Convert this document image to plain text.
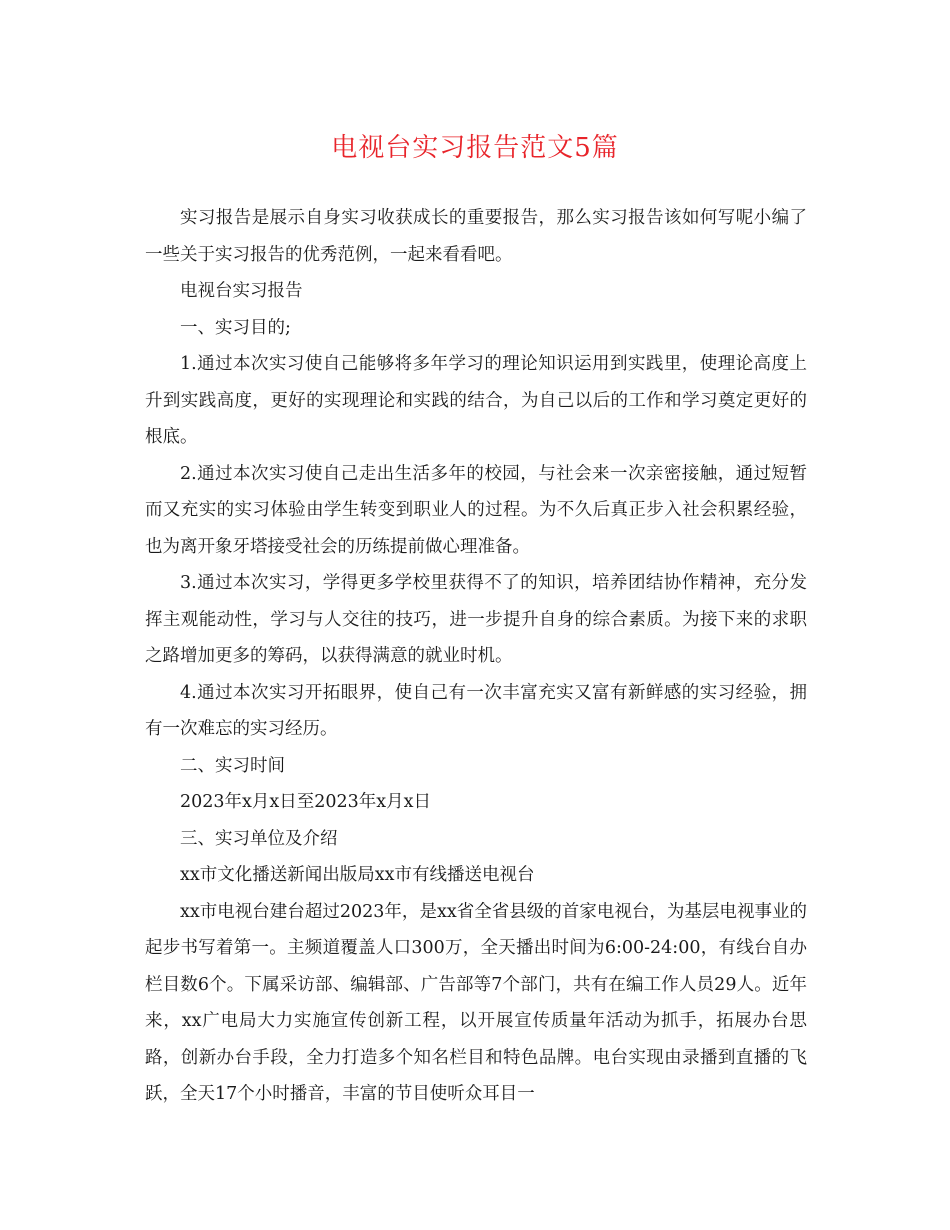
电视台实习报告范文5篇

实习报告是展示自身实习收获成长的重要报告，那么实习报告该如何写呢小编了一些关于实习报告的优秀范例，一起来看看吧。

电视台实习报告

一、实习目的;

1.通过本次实习使自己能够将多年学习的理论知识运用到实践里，使理论高度上升到实践高度，更好的实现理论和实践的结合，为自己以后的工作和学习奠定更好的根底。

2.通过本次实习使自己走出生活多年的校园，与社会来一次亲密接触，通过短暂而又充实的实习体验由学生转变到职业人的过程。为不久后真正步入社会积累经验，也为离开象牙塔接受社会的历练提前做心理准备。

3.通过本次实习，学得更多学校里获得不了的知识，培养团结协作精神，充分发挥主观能动性，学习与人交往的技巧，进一步提升自身的综合素质。为接下来的求职之路增加更多的筹码，以获得满意的就业时机。

4.通过本次实习开拓眼界，使自己有一次丰富充实又富有新鲜感的实习经验，拥有一次难忘的实习经历。

二、实习时间

2023年x月x日至2023年x月x日

三、实习单位及介绍

xx市文化播送新闻出版局xx市有线播送电视台

xx市电视台建台超过2023年，是xx省全省县级的首家电视台，为基层电视事业的起步书写着第一。主频道覆盖人口300万，全天播出时间为6:00-24:00，有线台自办栏目数6个。下属采访部、编辑部、广告部等7个部门，共有在编工作人员29人。近年来，xx广电局大力实施宣传创新工程，以开展宣传质量年活动为抓手，拓展办台思路，创新办台手段，全力打造多个知名栏目和特色品牌。电台实现由录播到直播的飞跃，全天17个小时播音，丰富的节目使听众耳目一
